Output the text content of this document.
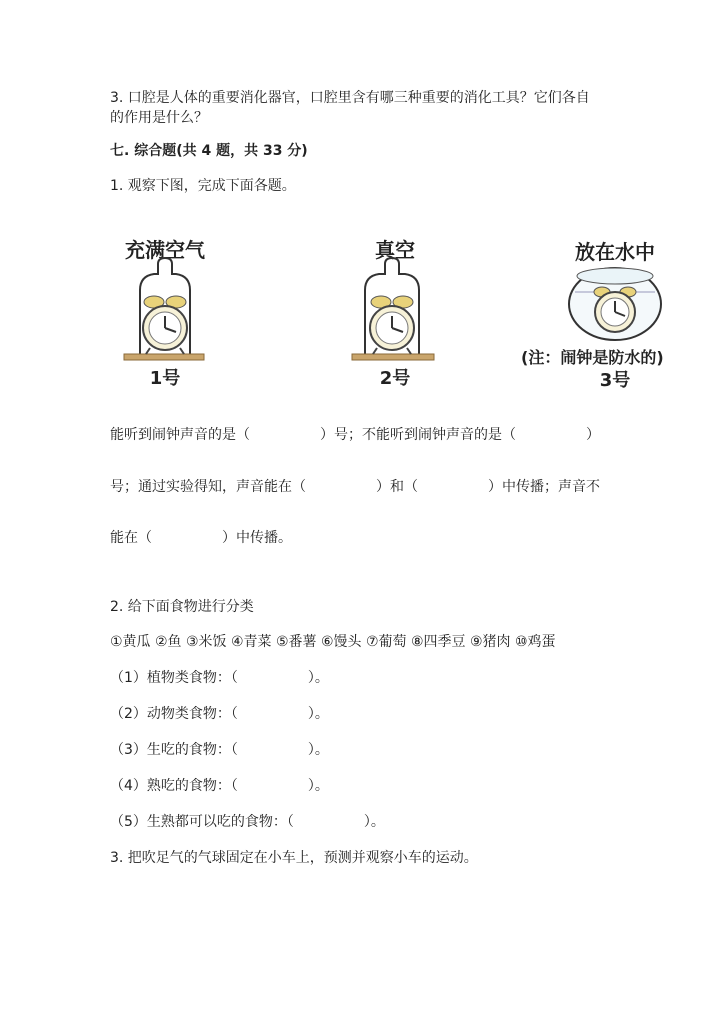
3. 口腔是人体的重要消化器官，口腔里含有哪三种重要的消化工具？它们各自
的作用是什么？
七. 综合题(共 4 题，共 33 分)
1. 观察下图，完成下面各题。
充满空气
1号
真空
2号
放在水中
(注：闹钟是防水的)
3号
能听到闹钟声音的是（　　　　　）号；不能听到闹钟声音的是（　　　　　）
号；通过实验得知，声音能在（　　　　　）和（　　　　　）中传播；声音不
能在（　　　　　）中传播。
2. 给下面食物进行分类
①黄瓜 ②鱼 ③米饭 ④青菜 ⑤番薯 ⑥馒头 ⑦葡萄 ⑧四季豆 ⑨猪肉 ⑩鸡蛋
（1）植物类食物：（　　　　　）。
（2）动物类食物：（　　　　　）。
（3）生吃的食物：（　　　　　）。
（4）熟吃的食物：（　　　　　）。
（5）生熟都可以吃的食物：（　　　　　）。
3. 把吹足气的气球固定在小车上，预测并观察小车的运动。
